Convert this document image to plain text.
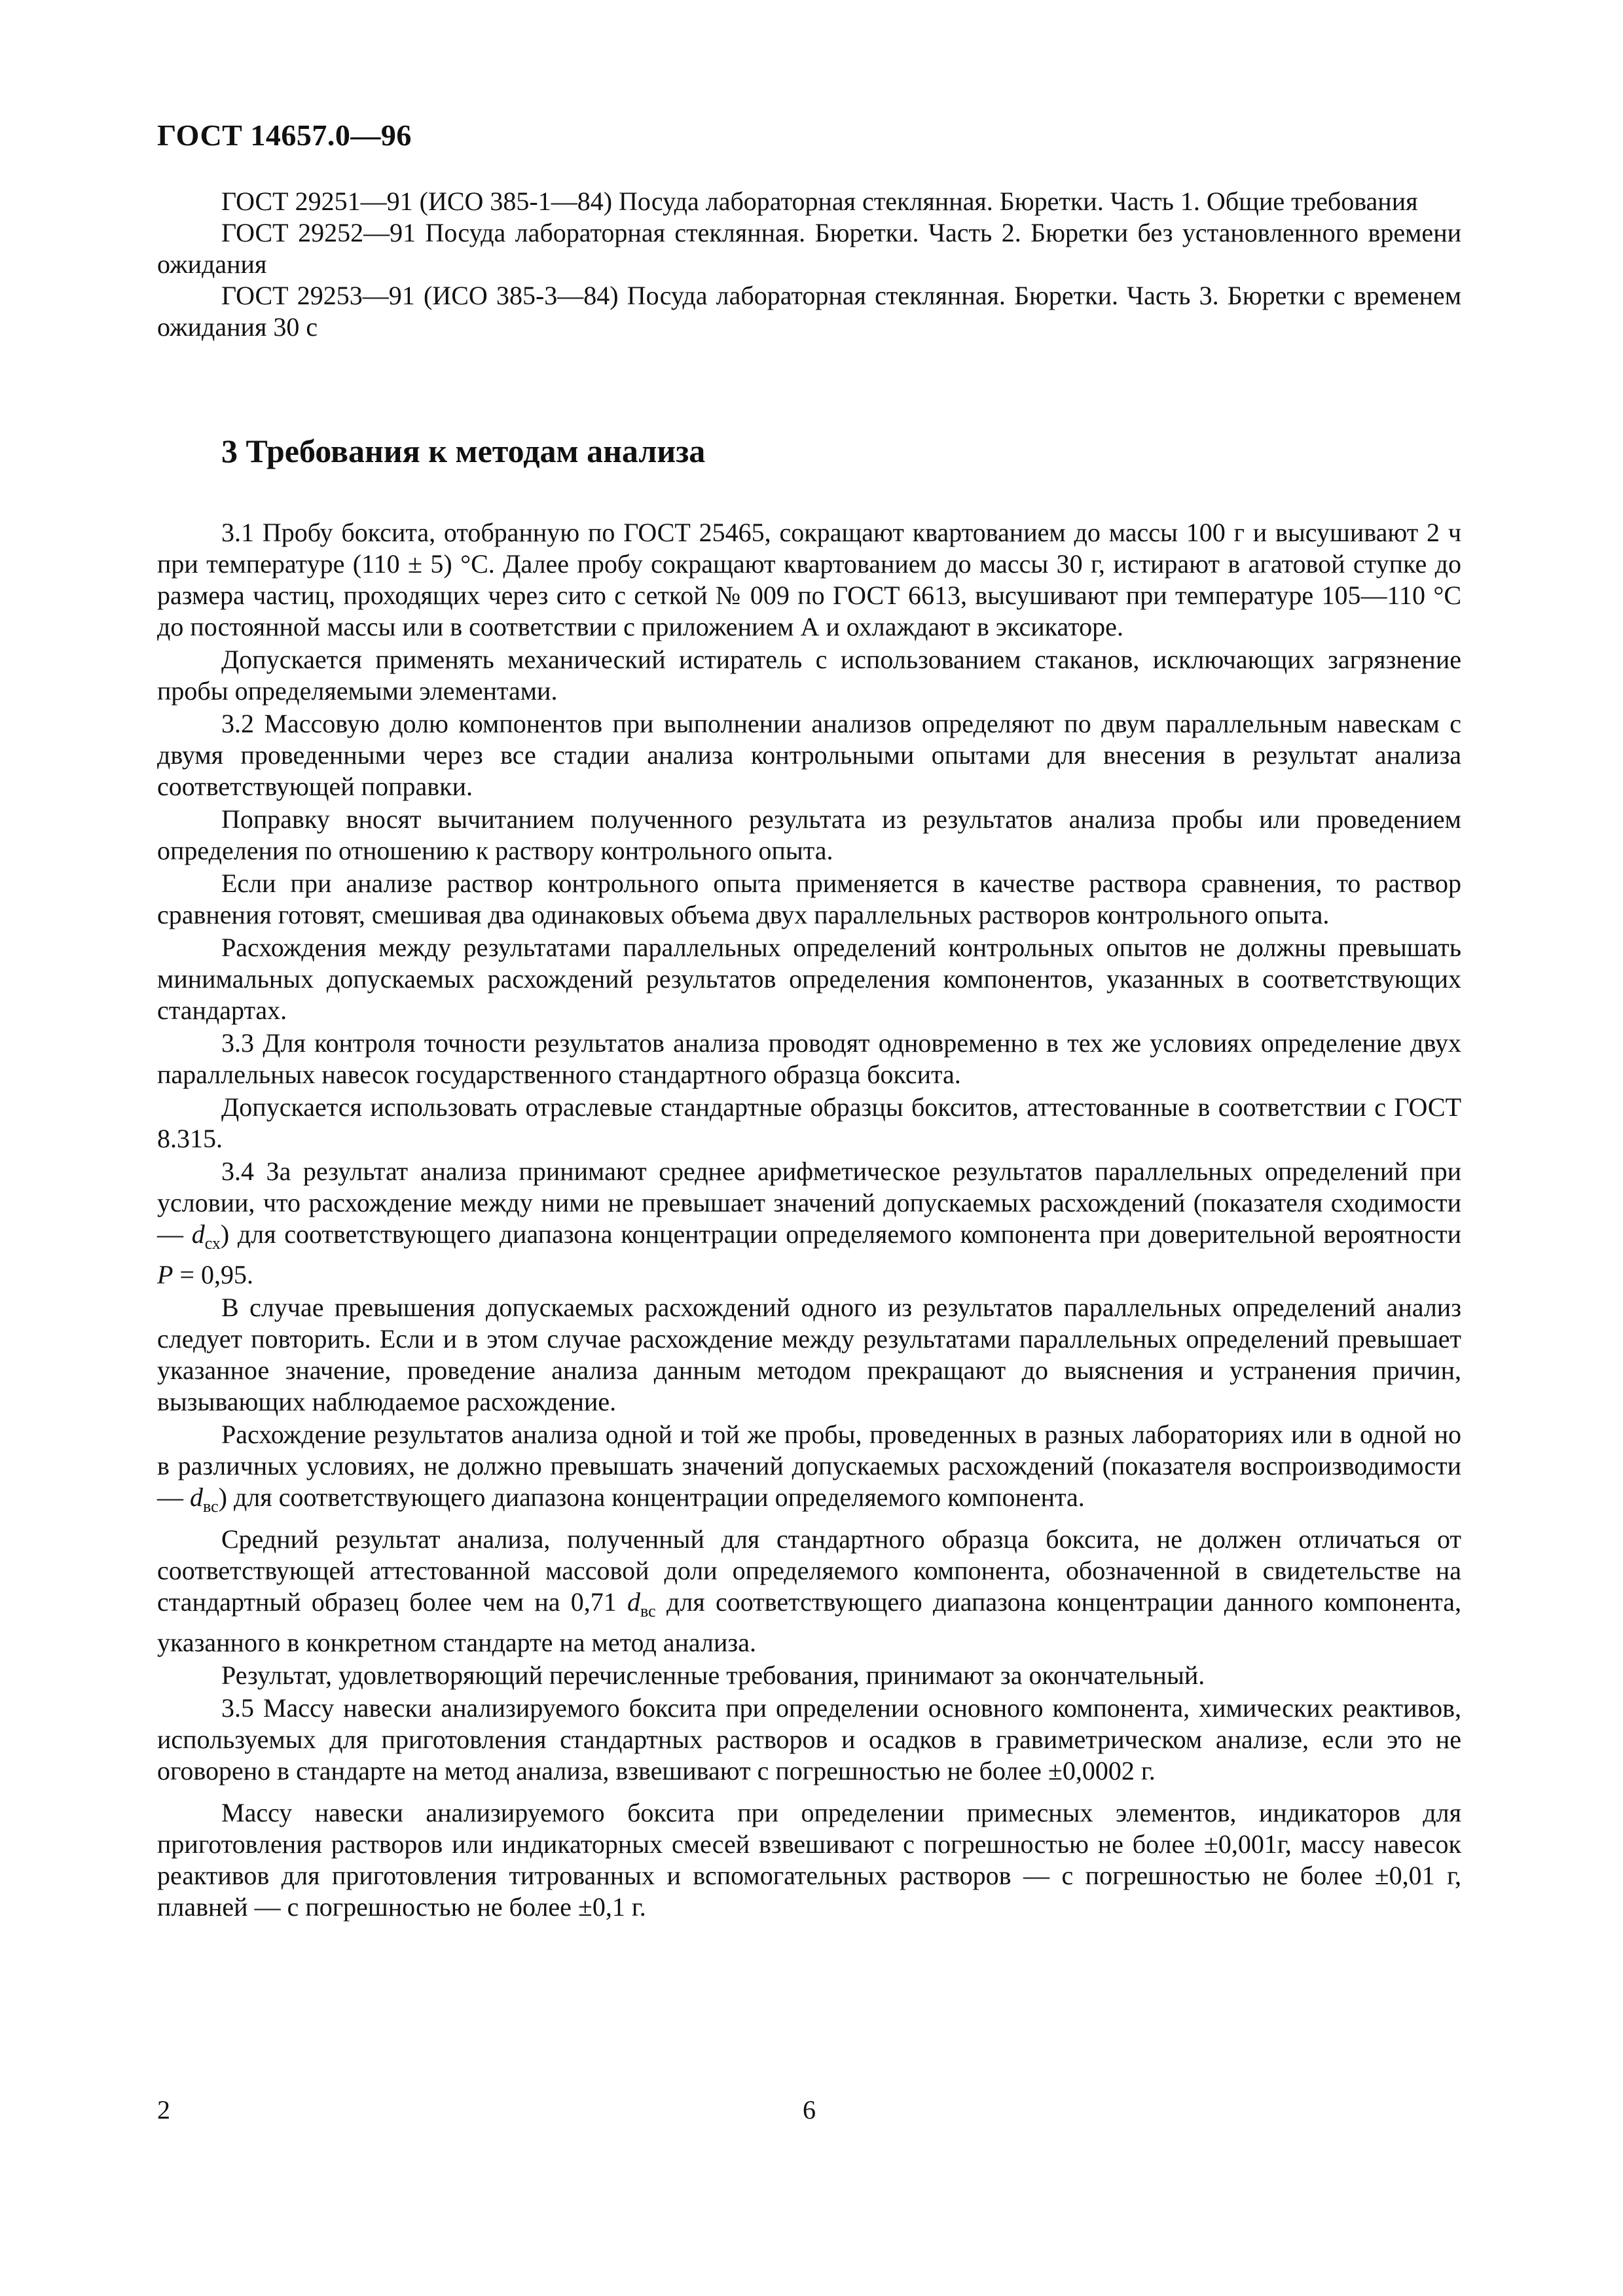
ГОСТ 14657.0—96

ГОСТ 29251—91 (ИСО 385-1—84) Посуда лабораторная стеклянная. Бюретки. Часть 1. Общие требования

ГОСТ 29252—91 Посуда лабораторная стеклянная. Бюретки. Часть 2. Бюретки без установленного времени ожидания

ГОСТ 29253—91 (ИСО 385-3—84) Посуда лабораторная стеклянная. Бюретки. Часть 3. Бюретки с временем ожидания 30 с

3 Требования к методам анализа

3.1 Пробу боксита, отобранную по ГОСТ 25465, сокращают квартованием до массы 100 г и высушивают 2 ч при температуре (110 ± 5) °С. Далее пробу сокращают квартованием до массы 30 г, истирают в агатовой ступке до размера частиц, проходящих через сито с сеткой № 009 по ГОСТ 6613, высушивают при температуре 105—110 °С до постоянной массы или в соответствии с приложением А и охлаждают в эксикаторе.

Допускается применять механический истиратель с использованием стаканов, исключающих загрязнение пробы определяемыми элементами.

3.2 Массовую долю компонентов при выполнении анализов определяют по двум параллельным навескам с двумя проведенными через все стадии анализа контрольными опытами для внесения в результат анализа соответствующей поправки.

Поправку вносят вычитанием полученного результата из результатов анализа пробы или проведением определения по отношению к раствору контрольного опыта.

Если при анализе раствор контрольного опыта применяется в качестве раствора сравнения, то раствор сравнения готовят, смешивая два одинаковых объема двух параллельных растворов контрольного опыта.

Расхождения между результатами параллельных определений контрольных опытов не должны превышать минимальных допускаемых расхождений результатов определения компонентов, указанных в соответствующих стандартах.

3.3 Для контроля точности результатов анализа проводят одновременно в тех же условиях определение двух параллельных навесок государственного стандартного образца боксита.

Допускается использовать отраслевые стандартные образцы бокситов, аттестованные в соответствии с ГОСТ 8.315.

3.4 За результат анализа принимают среднее арифметическое результатов параллельных определений при условии, что расхождение между ними не превышает значений допускаемых расхождений (показателя сходимости — $d_{сх}$) для соответствующего диапазона концентрации определяемого компонента при доверительной вероятности P = 0,95.

В случае превышения допускаемых расхождений одного из результатов параллельных определений анализ следует повторить. Если и в этом случае расхождение между результатами параллельных определений превышает указанное значение, проведение анализа данным методом прекращают до выяснения и устранения причин, вызывающих наблюдаемое расхождение.

Расхождение результатов анализа одной и той же пробы, проведенных в разных лабораториях или в одной но в различных условиях, не должно превышать значений допускаемых расхождений (показателя воспроизводимости — $d_{вс}$) для соответствующего диапазона концентрации определяемого компонента.

Средний результат анализа, полученный для стандартного образца боксита, не должен отличаться от соответствующей аттестованной массовой доли определяемого компонента, обозначенной в свидетельстве на стандартный образец более чем на 0,71 $d_{вс}$ для соответствующего диапазона концентрации данного компонента, указанного в конкретном стандарте на метод анализа.

Результат, удовлетворяющий перечисленные требования, принимают за окончательный.

3.5 Массу навески анализируемого боксита при определении основного компонента, химических реактивов, используемых для приготовления стандартных растворов и осадков в гравиметрическом анализе, если это не оговорено в стандарте на метод анализа, взвешивают с погрешностью не более ±0,0002 г.

Массу навески анализируемого боксита при определении примесных элементов, индикаторов для приготовления растворов или индикаторных смесей взвешивают с погрешностью не более ±0,001г, массу навесок реактивов для приготовления титрованных и вспомогательных растворов — с погрешностью не более ±0,01 г, плавней — с погрешностью не более ±0,1 г.

2	6
